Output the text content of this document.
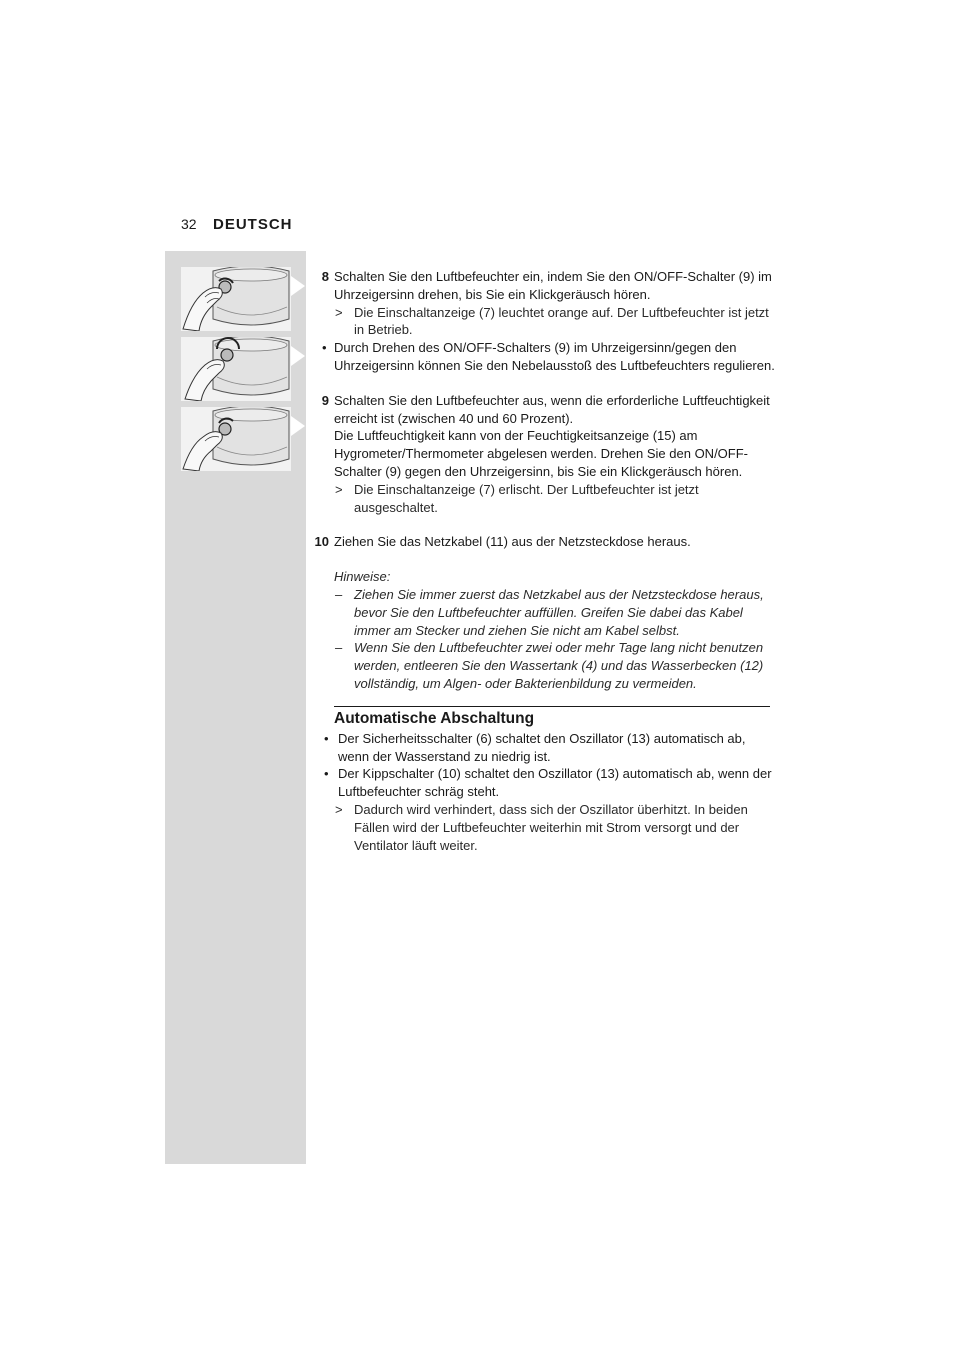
32 DEUTSCH
8 Schalten Sie den Luftbefeuchter ein, indem Sie den ON/OFF-Schalter (9) im Uhrzeigersinn drehen, bis Sie ein Klickgeräusch hören.
> Die Einschaltanzeige (7) leuchtet orange auf. Der Luftbefeuchter ist jetzt in Betrieb.
• Durch Drehen des ON/OFF-Schalters (9) im Uhrzeigersinn/gegen den Uhrzeigersinn können Sie den Nebelausstoß des Luftbefeuchters regulieren.
9 Schalten Sie den Luftbefeuchter aus, wenn die erforderliche Luftfeuchtigkeit erreicht ist (zwischen 40 und 60 Prozent).
Die Luftfeuchtigkeit kann von der Feuchtigkeitsanzeige (15) am Hygrometer/Thermometer abgelesen werden. Drehen Sie den ON/OFF-Schalter (9) gegen den Uhrzeigersinn, bis Sie ein Klickgeräusch hören.
> Die Einschaltanzeige (7) erlischt. Der Luftbefeuchter ist jetzt ausgeschaltet.
10 Ziehen Sie das Netzkabel (11) aus der Netzsteckdose heraus.
Hinweise:
– Ziehen Sie immer zuerst das Netzkabel aus der Netzsteckdose heraus, bevor Sie den Luftbefeuchter auffüllen. Greifen Sie dabei das Kabel immer am Stecker und ziehen Sie nicht am Kabel selbst.
– Wenn Sie den Luftbefeuchter zwei oder mehr Tage lang nicht benutzen werden, entleeren Sie den Wassertank (4) und das Wasserbecken (12) vollständig, um Algen- oder Bakterienbildung zu vermeiden.
Automatische Abschaltung
• Der Sicherheitsschalter (6) schaltet den Oszillator (13) automatisch ab, wenn der Wasserstand zu niedrig ist.
• Der Kippschalter (10) schaltet den Oszillator (13) automatisch ab, wenn der Luftbefeuchter schräg steht.
> Dadurch wird verhindert, dass sich der Oszillator überhitzt. In beiden Fällen wird der Luftbefeuchter weiterhin mit Strom versorgt und der Ventilator läuft weiter.
